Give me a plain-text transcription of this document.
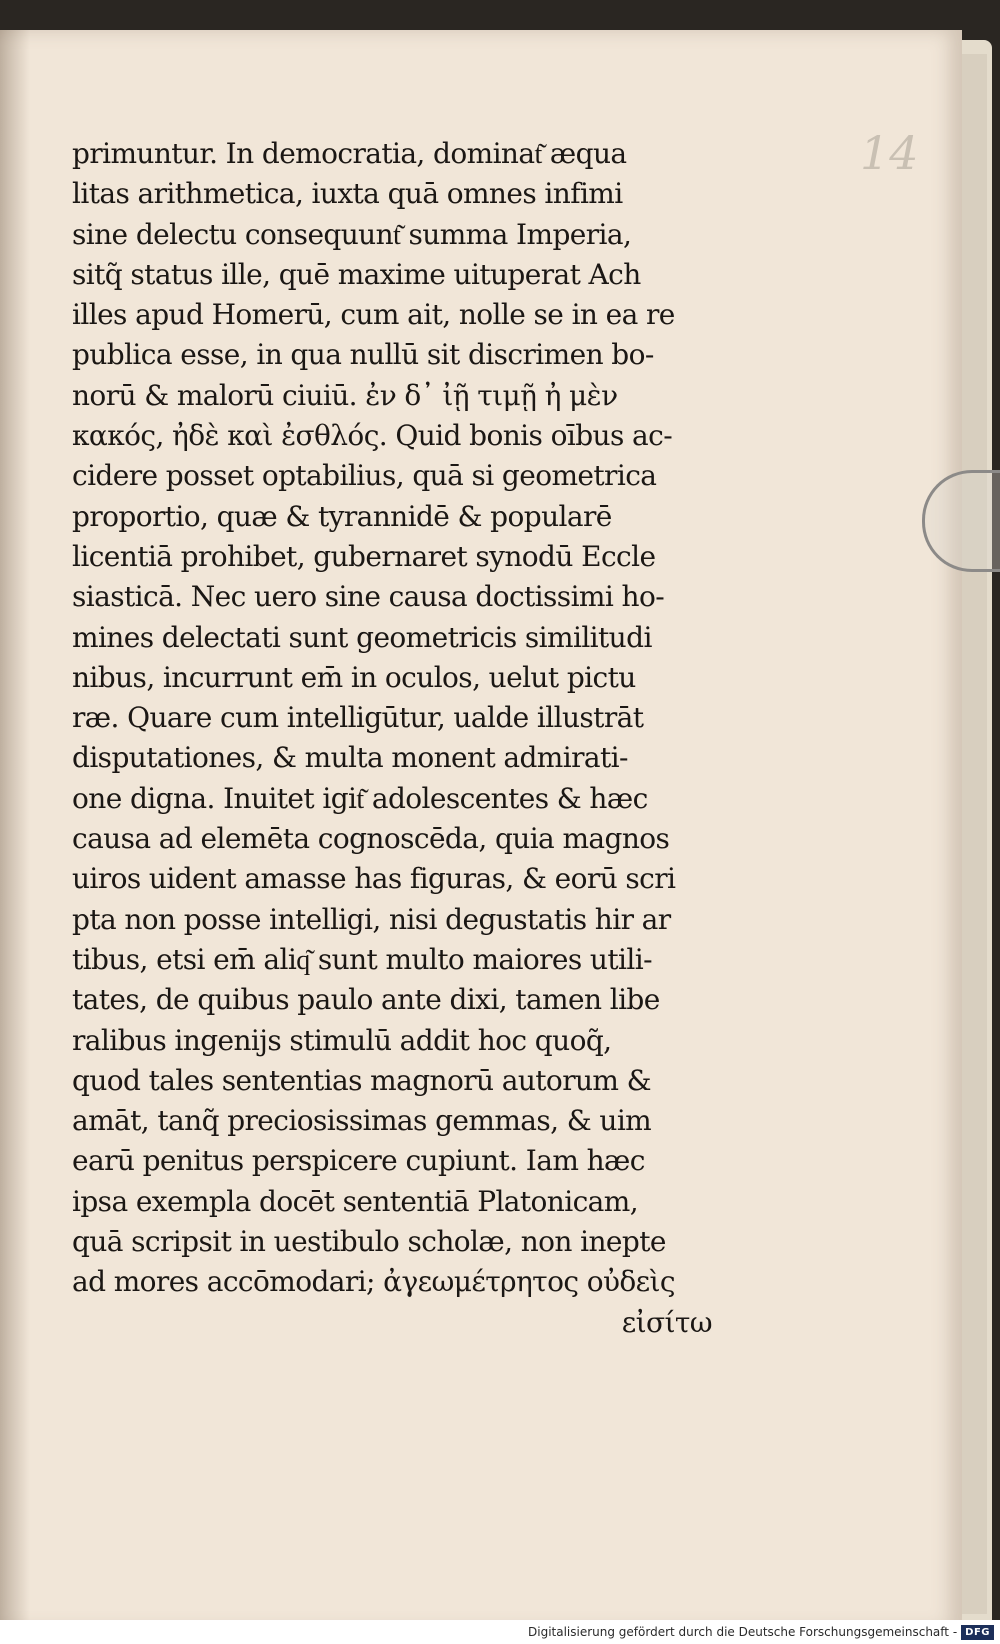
14
primuntur. In democratia, dominat͂ æqua
litas arithmetica, iuxta quā omnes infimi
sine delectu consequunt͂ summa Imperia,
sitq̃ status ille, quē maxime uituperat Ach
illes apud Homerū, cum ait, nolle se in ea re
publica esse, in qua nullū sit discrimen bo-
norū & malorū ciuiū. ἐν δ᾽ ἰῇ τιμῇ ἠ μὲν
κακός, ἠδὲ καὶ ἐσθλός. Quid bonis oībus ac-
cidere posset optabilius, quā si geometrica
proportio, quæ & tyrannidē & popularē
licentiā prohibet, gubernaret synodū Eccle
siasticā. Nec uero sine causa doctissimi ho-
mines delectati sunt geometricis similitudi
nibus, incurrunt em̄ in oculos, uelut pictu
ræ. Quare cum intelligūtur, ualde illustrāt
disputationes, & multa monent admirati-
one digna. Inuitet igit͂ adolescentes & hæc
causa ad elemēta cognoscēda, quia magnos
uiros uident amasse has figuras, & eorū scri
pta non posse intelligi, nisi degustatis hir ar
tibus, etsi em̄ aliq͂ sunt multo maiores utili-
tates, de quibus paulo ante dixi, tamen libe
ralibus ingenijs stimulū addit hoc quoq̃,
quod tales sententias magnorū autorum &
amāt, tanq̃ preciosissimas gemmas, & uim
earū penitus perspicere cupiunt. Iam hæc
ipsa exempla docēt sententiā Platonicam,
quā scripsit in uestibulo scholæ, non inepte
ad mores accōmodari; ἀγεωμέτρητος οὐδεὶς
εἰσίτω
Digitalisierung gefördert durch die Deutsche Forschungsgemeinschaft - DFG
